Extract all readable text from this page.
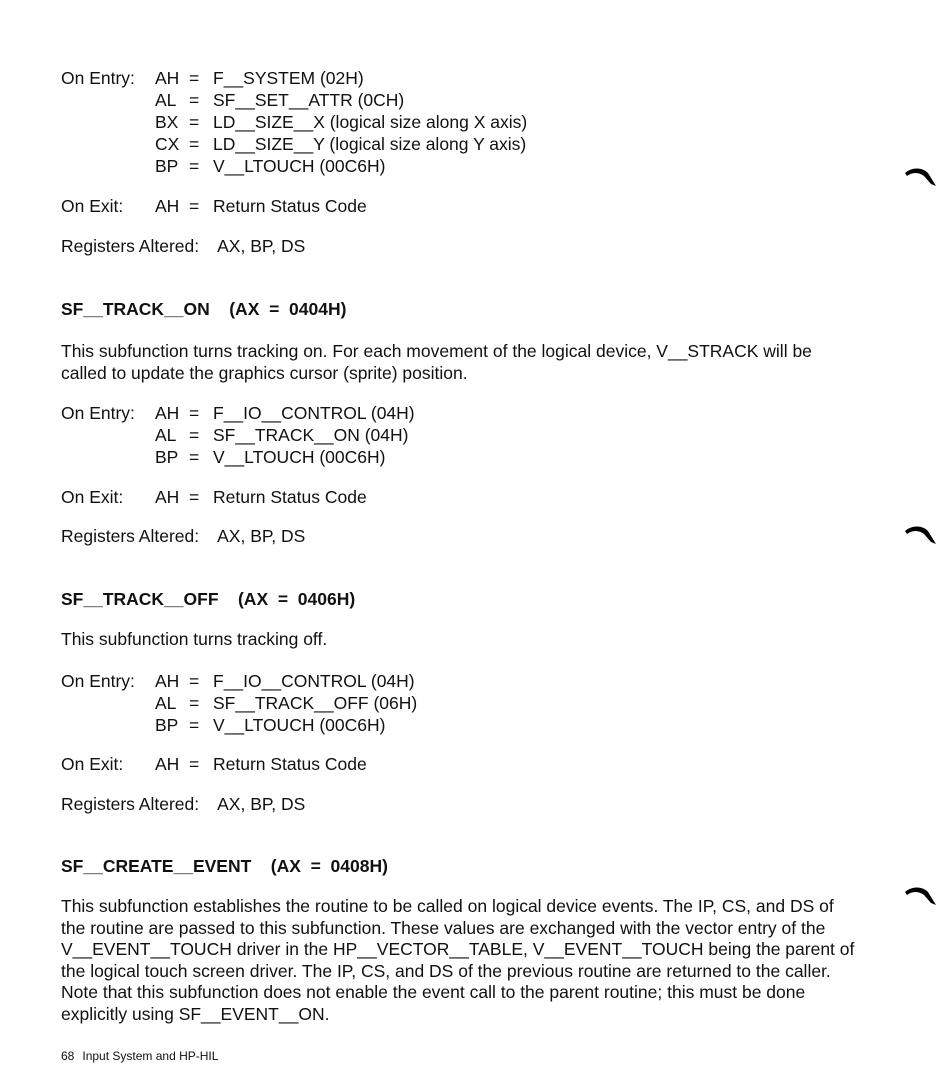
On Entry:	AH	=	F__SYSTEM (02H)
	AL	=	SF__SET__ATTR (0CH)
	BX	=	LD__SIZE__X (logical size along X axis)
	CX	=	LD__SIZE__Y (logical size along Y axis)
	BP	=	V__LTOUCH (00C6H)
On Exit:	AH	=	Return Status Code
Registers Altered: AX, BP, DS
SF__TRACK__ON    (AX  =  0404H)
This subfunction turns tracking on. For each movement of the logical device, V__STRACK will be called to update the graphics cursor (sprite) position.
On Entry:	AH	=	F__IO__CONTROL (04H)
	AL	=	SF__TRACK__ON (04H)
	BP	=	V__LTOUCH (00C6H)
On Exit:	AH	=	Return Status Code
Registers Altered: AX, BP, DS
SF__TRACK__OFF    (AX  =  0406H)
This subfunction turns tracking off.
On Entry:	AH	=	F__IO__CONTROL (04H)
	AL	=	SF__TRACK__OFF (06H)
	BP	=	V__LTOUCH (00C6H)
On Exit:	AH	=	Return Status Code
Registers Altered: AX, BP, DS
SF__CREATE__EVENT    (AX  =  0408H)
This subfunction establishes the routine to be called on logical device events. The IP, CS, and DS of the routine are passed to this subfunction. These values are exchanged with the vector entry of the V__EVENT__TOUCH driver in the HP__VECTOR__TABLE, V__EVENT__TOUCH being the parent of the logical touch screen driver. The IP, CS, and DS of the previous routine are returned to the caller. Note that this subfunction does not enable the event call to the parent routine; this must be done explicitly using SF__EVENT__ON.
68 Input System and HP-HIL
